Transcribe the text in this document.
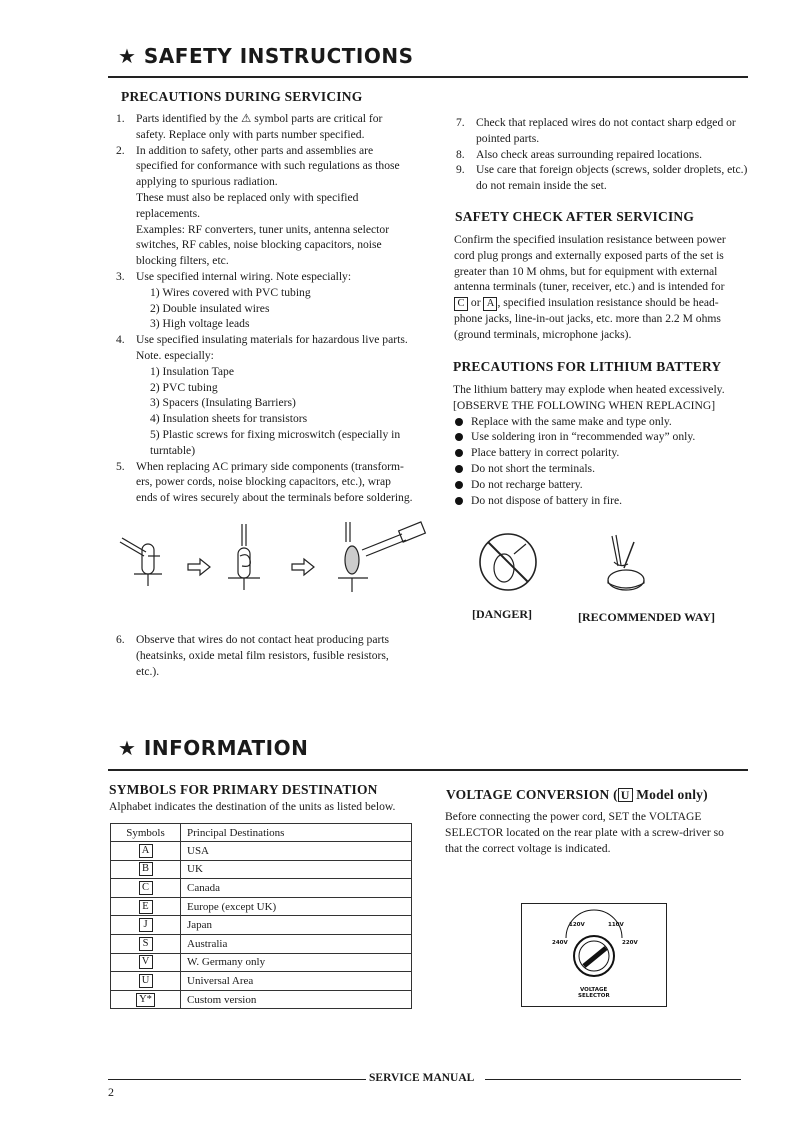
★ SAFETY INSTRUCTIONS
PRECAUTIONS DURING SERVICING
1. Parts identified by the ⚠ symbol parts are critical for
safety. Replace only with parts number specified.
2. In addition to safety, other parts and assemblies are
specified for conformance with such regulations as those
applying to spurious radiation.
These must also be replaced only with specified
replacements.
Examples: RF converters, tuner units, antenna selector
switches, RF cables, noise blocking capacitors, noise
blocking filters, etc.
3. Use specified internal wiring. Note especially:
1) Wires covered with PVC tubing
2) Double insulated wires
3) High voltage leads
4. Use specified insulating materials for hazardous live parts.
Note. especially:
1) Insulation Tape
2) PVC tubing
3) Spacers (Insulating Barriers)
4) Insulation sheets for transistors
5) Plastic screws for fixing microswitch (especially in
turntable)
5. When replacing AC primary side components (transform-
ers, power cords, noise blocking capacitors, etc.), wrap
ends of wires securely about the terminals before soldering.
6. Observe that wires do not contact heat producing parts
(heatsinks, oxide metal film resistors, fusible resistors,
etc.).
7. Check that replaced wires do not contact sharp edged or
pointed parts.
8. Also check areas surrounding repaired locations.
9. Use care that foreign objects (screws, solder droplets, etc.)
do not remain inside the set.
SAFETY CHECK AFTER SERVICING
Confirm the specified insulation resistance between power
cord plug prongs and externally exposed parts of the set is
greater than 10 M ohms, but for equipment with external
antenna terminals (tuner, receiver, etc.) and is intended for
C or A , specified insulation resistance should be head-
phone jacks, line-in-out jacks, etc. more than 2.2 M ohms
(ground terminals, microphone jacks).
PRECAUTIONS FOR LITHIUM BATTERY
The lithium battery may explode when heated excessively.
[OBSERVE THE FOLLOWING WHEN REPLACING]
Replace with the same make and type only.
Use soldering iron in “recommended way” only.
Place battery in correct polarity.
Do not short the terminals.
Do not recharge battery.
Do not dispose of battery in fire.
[DANGER]	[RECOMMENDED WAY]
★ INFORMATION
SYMBOLS FOR PRIMARY DESTINATION
Alphabet indicates the destination of the units as listed below.
Symbols	Principal Destinations
A	USA
B	UK
C	Canada
E	Europe (except UK)
J	Japan
S	Australia
V	W. Germany only
U	Universal Area
Y*	Custom version
VOLTAGE CONVERSION ( U Model only)
Before connecting the power cord, SET the VOLTAGE
SELECTOR located on the rear plate with a screw-driver so
that the correct voltage is indicated.
120V	110V
240V	220V
VOLTAGE
SELECTOR
SERVICE MANUAL
2
